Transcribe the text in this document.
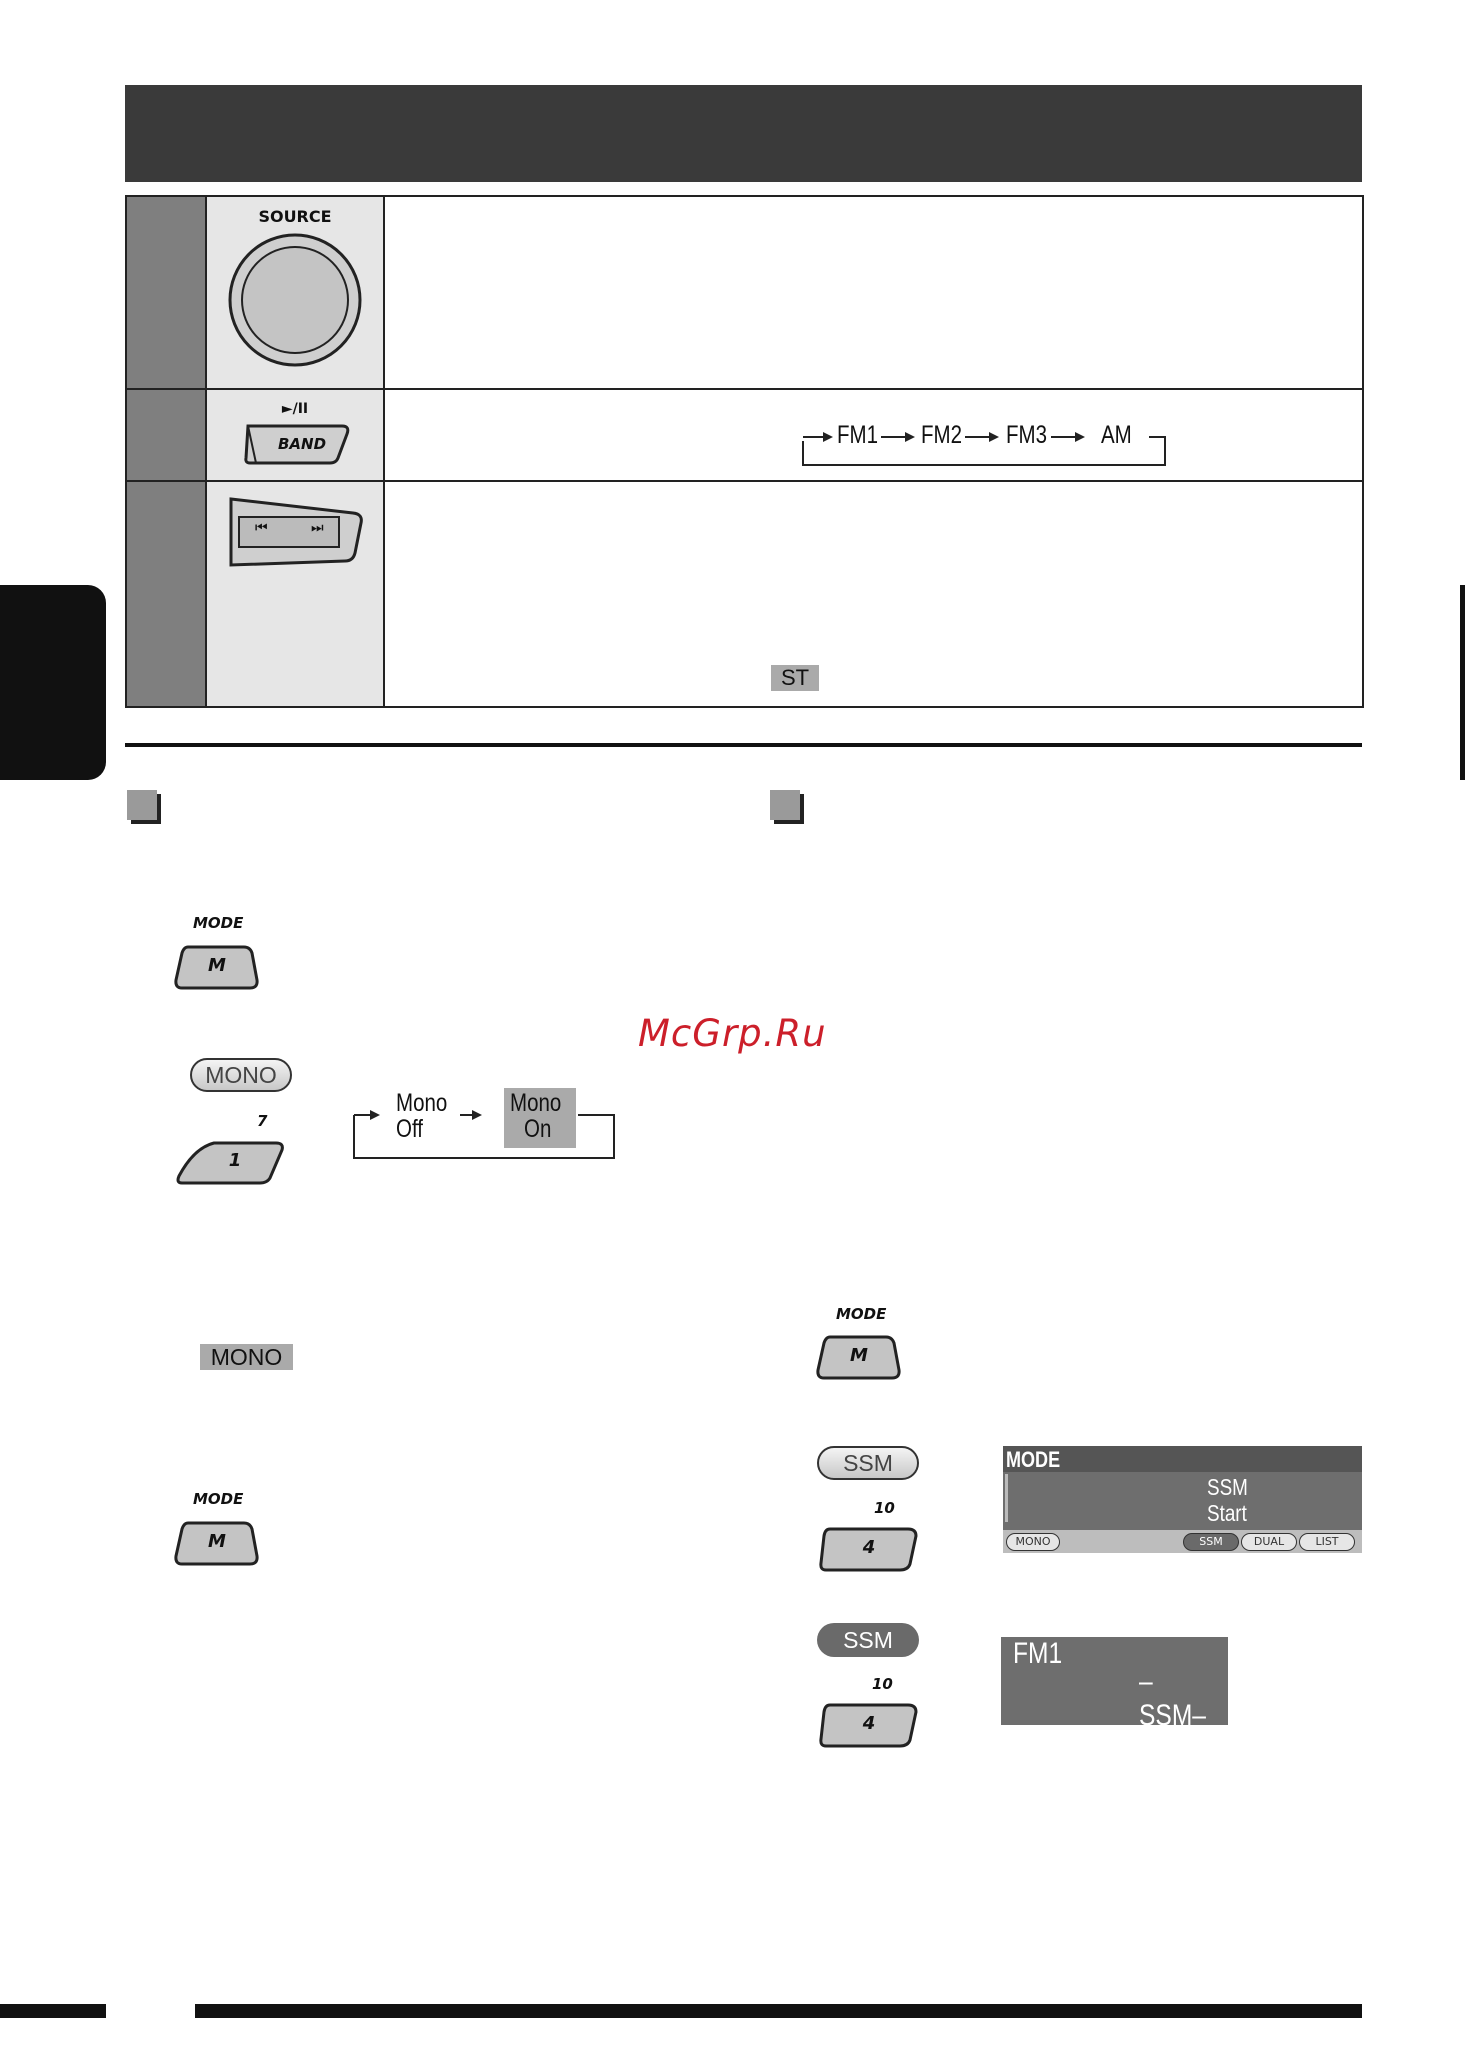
SOURCE
►/II
BAND	FM1 FM2 FM3 AM
⏮	⏭
ST
MODE
M
MONO
7
1
Mono
Off
Mono
On
MONO
MODE
M
McGrp.Ru
MODE
M
SSM
10
4
MODE
SSM
Start
MONO	SSM	DUAL	LIST
SSM
10
4
FM1
–SSM–
